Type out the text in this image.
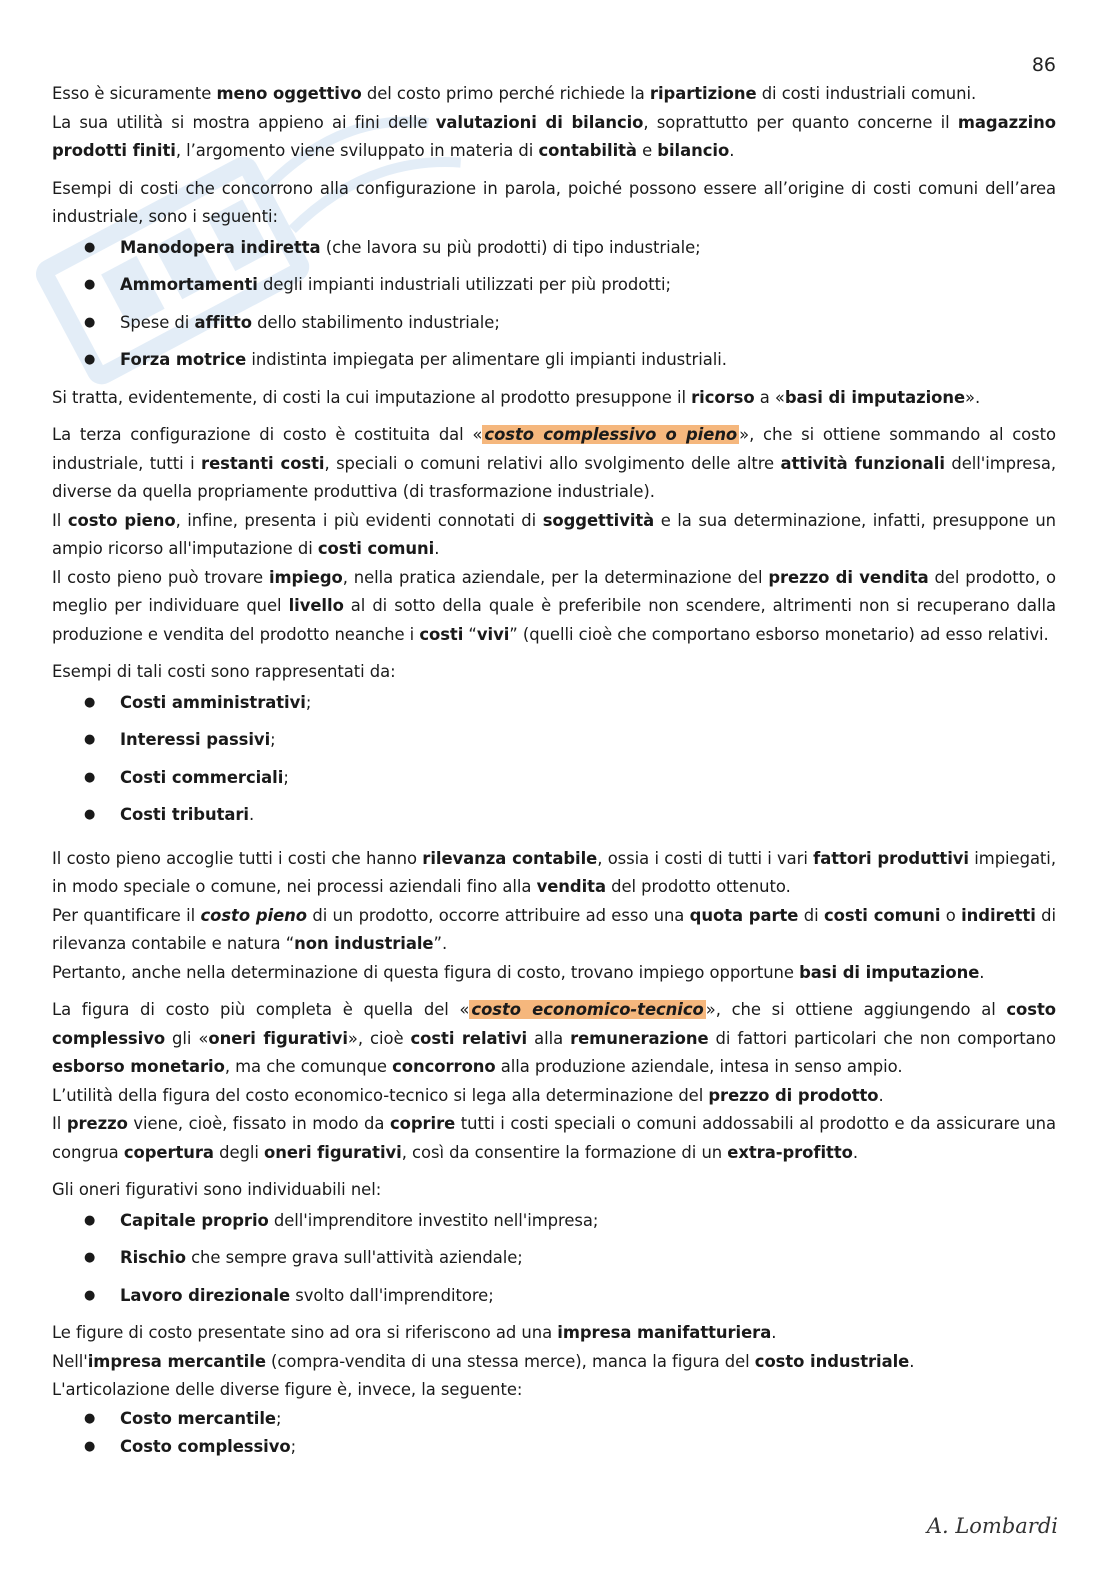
86

Esso è sicuramente meno oggettivo del costo primo perché richiede la ripartizione di costi industriali comuni.

La sua utilità si mostra appieno ai fini delle valutazioni di bilancio, soprattutto per quanto concerne il magazzino prodotti finiti, l’argomento viene sviluppato in materia di contabilità e bilancio.

Esempi di costi che concorrono alla configurazione in parola, poiché possono essere all’origine di costi comuni dell’area industriale, sono i seguenti:

● Manodopera indiretta (che lavora su più prodotti) di tipo industriale;
● Ammortamenti degli impianti industriali utilizzati per più prodotti;
● Spese di affitto dello stabilimento industriale;
● Forza motrice indistinta impiegata per alimentare gli impianti industriali.

Si tratta, evidentemente, di costi la cui imputazione al prodotto presuppone il ricorso a «basi di imputazione».

La terza configurazione di costo è costituita dal « costo complessivo o pieno », che si ottiene sommando al costo industriale, tutti i restanti costi, speciali o comuni relativi allo svolgimento delle altre attività funzionali dell'impresa, diverse da quella propriamente produttiva (di trasformazione industriale).

Il costo pieno, infine, presenta i più evidenti connotati di soggettività e la sua determinazione, infatti, presuppone un ampio ricorso all'imputazione di costi comuni.

Il costo pieno può trovare impiego, nella pratica aziendale, per la determinazione del prezzo di vendita del prodotto, o meglio per individuare quel livello al di sotto della quale è preferibile non scendere, altrimenti non si recuperano dalla produzione e vendita del prodotto neanche i costi “vivi” (quelli cioè che comportano esborso monetario) ad esso relativi.

Esempi di tali costi sono rappresentati da:

● Costi amministrativi;
● Interessi passivi;
● Costi commerciali;
● Costi tributari.

Il costo pieno accoglie tutti i costi che hanno rilevanza contabile, ossia i costi di tutti i vari fattori produttivi impiegati, in modo speciale o comune, nei processi aziendali fino alla vendita del prodotto ottenuto.

Per quantificare il costo pieno di un prodotto, occorre attribuire ad esso una quota parte di costi comuni o indiretti di rilevanza contabile e natura “non industriale”.

Pertanto, anche nella determinazione di questa figura di costo, trovano impiego opportune basi di imputazione.

La figura di costo più completa è quella del « costo economico-tecnico », che si ottiene aggiungendo al costo complessivo gli «oneri figurativi», cioè costi relativi alla remunerazione di fattori particolari che non comportano esborso monetario, ma che comunque concorrono alla produzione aziendale, intesa in senso ampio.

L’utilità della figura del costo economico-tecnico si lega alla determinazione del prezzo di prodotto.

Il prezzo viene, cioè, fissato in modo da coprire tutti i costi speciali o comuni addossabili al prodotto e da assicurare una congrua copertura degli oneri figurativi, così da consentire la formazione di un extra-profitto.

Gli oneri figurativi sono individuabili nel:

● Capitale proprio dell'imprenditore investito nell'impresa;
● Rischio che sempre grava sull'attività aziendale;
● Lavoro direzionale svolto dall'imprenditore;

Le figure di costo presentate sino ad ora si riferiscono ad una impresa manifatturiera.

Nell'impresa mercantile (compra-vendita di una stessa merce), manca la figura del costo industriale.

L'articolazione delle diverse figure è, invece, la seguente:

● Costo mercantile;
● Costo complessivo;
A. Lombardi
